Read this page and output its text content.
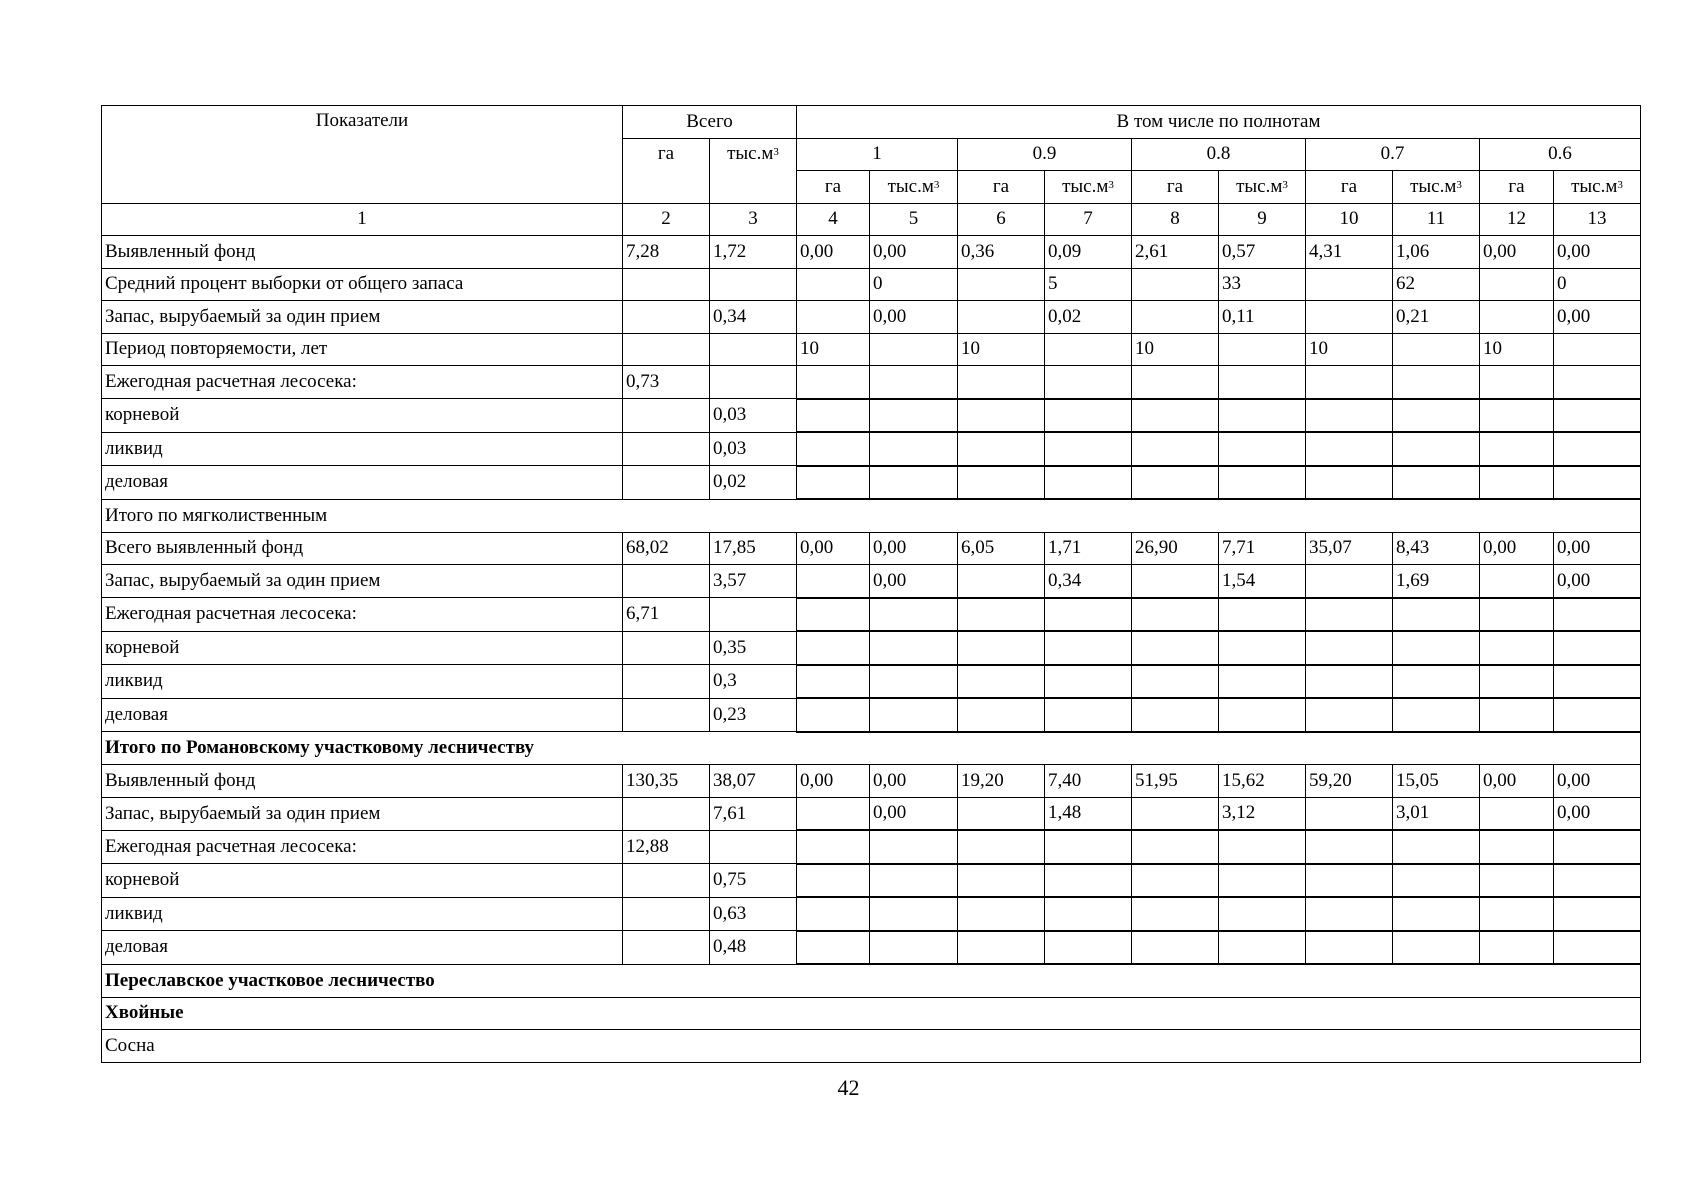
Показатели	Всего		В том числе по полнотам									
	га	$тыс.м^3$	1		0.9		0.8		0.7		0.6	
			га	$тыс.м^3$	га	$тыс.м^3$	га	$тыс.м^3$	га	$тыс.м^3$	га	$тыс.м^3$
1	2	3	4	5	6	7	8	9	10	11	12	13
Выявленный фонд	7,28	1,72	0,00	0,00	0,36	0,09	2,61	0,57	4,31	1,06	0,00	0,00
Средний процент выборки от общего запаса				0		5		33		62		0
Запас, вырубаемый за один прием		0,34		0,00		0,02		0,11		0,21		0,00
Период повторяемости, лет			10		10		10		10		10	
Ежегодная расчетная лесосека:	0,73											
корневой		0,03										
ликвид		0,03										
деловая		0,02										
Итого по мягколиственным												
Всего выявленный фонд	68,02	17,85	0,00	0,00	6,05	1,71	26,90	7,71	35,07	8,43	0,00	0,00
Запас, вырубаемый за один прием		3,57		0,00		0,34		1,54		1,69		0,00
Ежегодная расчетная лесосека:	6,71											
корневой		0,35										
ликвид		0,3										
деловая		0,23										
Итого по Романовскому участковому лесничеству												
Выявленный фонд	130,35	38,07	0,00	0,00	19,20	7,40	51,95	15,62	59,20	15,05	0,00	0,00
Запас, вырубаемый за один прием		7,61		0,00		1,48		3,12		3,01		0,00
Ежегодная расчетная лесосека:	12,88											
корневой		0,75										
ликвид		0,63										
деловая		0,48										
Переславское участковое лесничество												
Хвойные												
Сосна												
42
